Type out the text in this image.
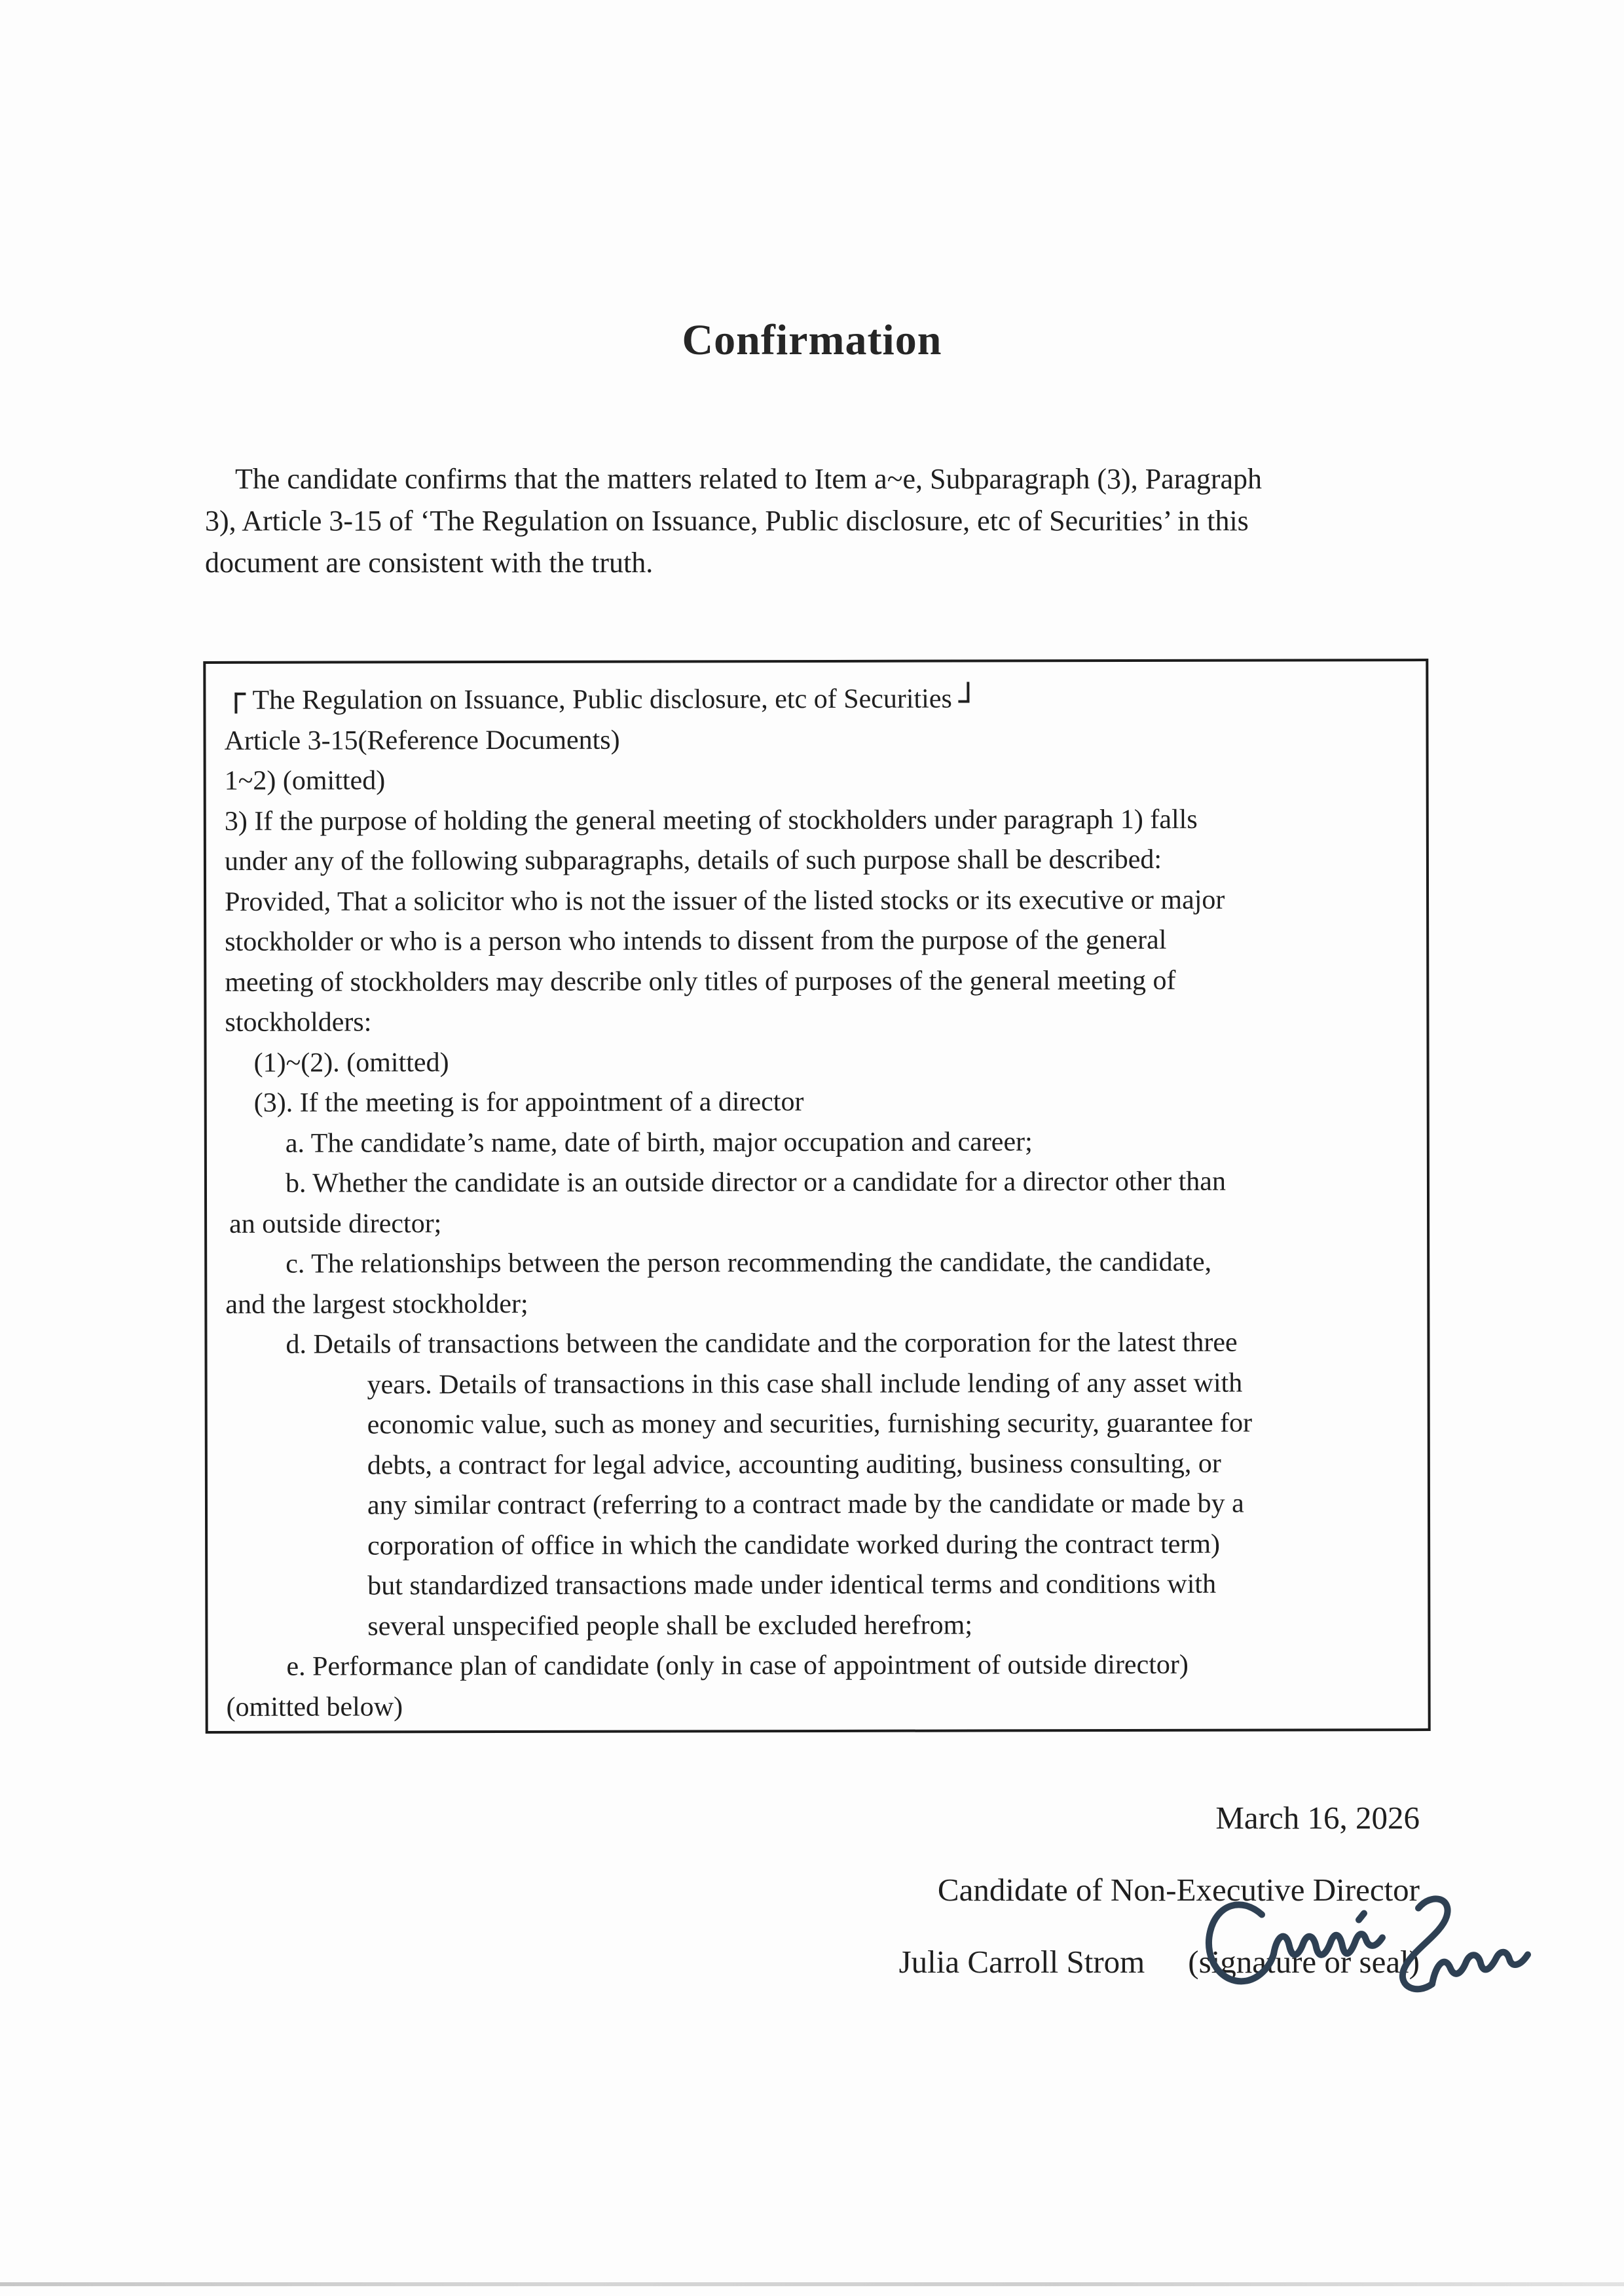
Confirmation
The candidate confirms that the matters related to Item a~e, Subparagraph (3), Paragraph
3), Article 3-15 of ‘The Regulation on Issuance, Public disclosure, etc of Securities’ in this
document are consistent with the truth.
The Regulation on Issuance, Public disclosure, etc of Securities
Article 3-15(Reference Documents)
1~2) (omitted)
3) If the purpose of holding the general meeting of stockholders under paragraph 1) falls
under any of the following subparagraphs, details of such purpose shall be described:
Provided, That a solicitor who is not the issuer of the listed stocks or its executive or major
stockholder or who is a person who intends to dissent from the purpose of the general
meeting of stockholders may describe only titles of purposes of the general meeting of
stockholders:
(1)~(2). (omitted)
(3). If the meeting is for appointment of a director
a. The candidate’s name, date of birth, major occupation and career;
b. Whether the candidate is an outside director or a candidate for a director other than
an outside director;
c. The relationships between the person recommending the candidate, the candidate,
and the largest stockholder;
d. Details of transactions between the candidate and the corporation for the latest three
years. Details of transactions in this case shall include lending of any asset with
economic value, such as money and securities, furnishing security, guarantee for
debts, a contract for legal advice, accounting auditing, business consulting, or
any similar contract (referring to a contract made by the candidate or made by a
corporation of office in which the candidate worked during the contract term)
but standardized transactions made under identical terms and conditions with
several unspecified people shall be excluded herefrom;
e. Performance plan of candidate (only in case of appointment of outside director)
(omitted below)
March 16, 2026
Candidate of Non-Executive Director
Julia Carroll Strom (signature or seal)
